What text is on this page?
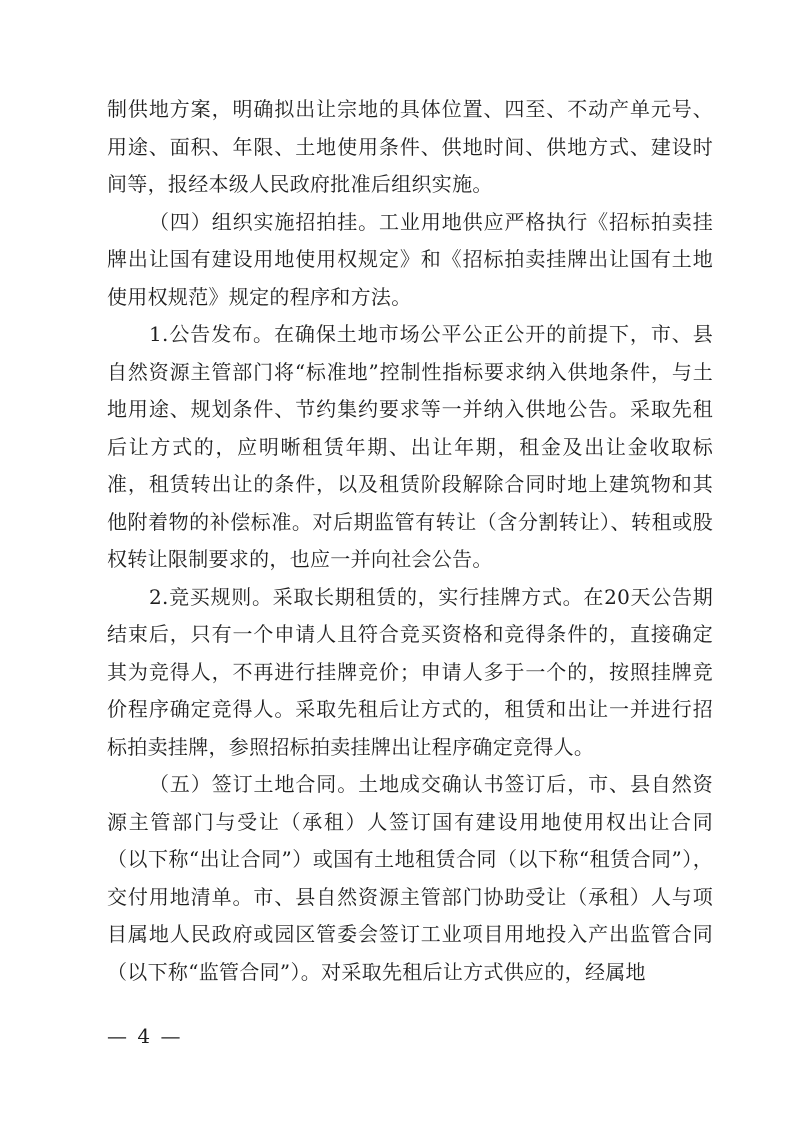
制供地方案，明确拟出让宗地的具体位置、四至、不动产单元号、用途、面积、年限、土地使用条件、供地时间、供地方式、建设时间等，报经本级人民政府批准后组织实施。

（四）组织实施招拍挂。工业用地供应严格执行《招标拍卖挂牌出让国有建设用地使用权规定》和《招标拍卖挂牌出让国有土地使用权规范》规定的程序和方法。

1.公告发布。在确保土地市场公平公正公开的前提下，市、县自然资源主管部门将“标准地”控制性指标要求纳入供地条件，与土地用途、规划条件、节约集约要求等一并纳入供地公告。采取先租后让方式的，应明晰租赁年期、出让年期，租金及出让金收取标准，租赁转出让的条件，以及租赁阶段解除合同时地上建筑物和其他附着物的补偿标准。对后期监管有转让（含分割转让）、转租或股权转让限制要求的，也应一并向社会公告。

2.竞买规则。采取长期租赁的，实行挂牌方式。在20天公告期结束后，只有一个申请人且符合竞买资格和竞得条件的，直接确定其为竞得人，不再进行挂牌竞价；申请人多于一个的，按照挂牌竞价程序确定竞得人。采取先租后让方式的，租赁和出让一并进行招标拍卖挂牌，参照招标拍卖挂牌出让程序确定竞得人。

（五）签订土地合同。土地成交确认书签订后，市、县自然资源主管部门与受让（承租）人签订国有建设用地使用权出让合同（以下称“出让合同”）或国有土地租赁合同（以下称“租赁合同”），交付用地清单。市、县自然资源主管部门协助受让（承租）人与项目属地人民政府或园区管委会签订工业项目用地投入产出监管合同（以下称“监管合同”）。对采取先租后让方式供应的，经属地

— 4 —
